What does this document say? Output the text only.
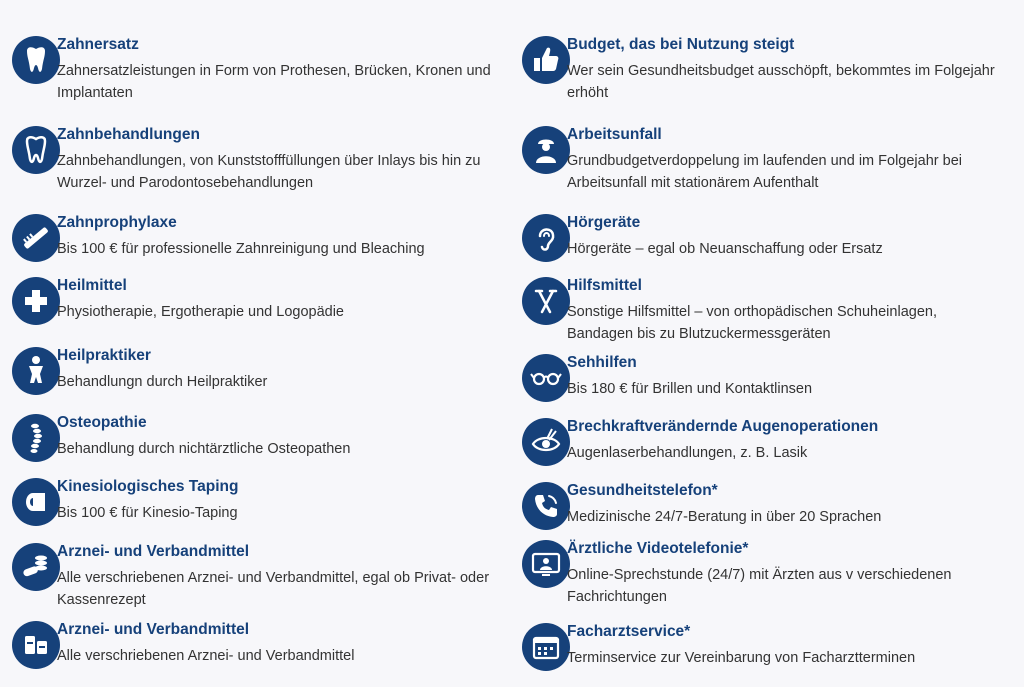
Zahnersatz
Zahnersatzleistungen in Form von Prothesen, Brücken, Kronen und Implantaten
Zahnbehandlungen
Zahnbehandlungen, von Kunststofffüllungen über Inlays bis hin zu Wurzel- und Parodontosebehandlungen
Zahnprophylaxe
Bis 100 € für professionelle Zahnreinigung und Bleaching
Heilmittel
Physiotherapie, Ergotherapie und Logopädie
Heilpraktiker
Behandlungn durch Heilpraktiker
Osteopathie
Behandlung durch nichtärztliche Osteopathen
Kinesiologisches Taping
Bis 100 € für Kinesio-Taping
Arznei- und Verbandmittel
Alle verschriebenen Arznei- und Verbandmittel, egal ob Privat- oder Kassenrezept
Arznei- und Verbandmittel
Alle verschriebenen Arznei- und Verbandmittel
Budget, das bei Nutzung steigt
Wer sein Gesundheitsbudget ausschöpft, bekommtes im Folgejahr erhöht
Arbeitsunfall
Grundbudgetverdoppelung im laufenden und im Folgejahr bei Arbeitsunfall mit stationärem Aufenthalt
Hörgeräte
Hörgeräte – egal ob Neuanschaffung oder Ersatz
Hilfsmittel
Sonstige Hilfsmittel – von orthopädischen Schuheinlagen, Bandagen bis zu Blutzuckermessgeräten
Sehhilfen
Bis 180 € für Brillen und Kontaktlinsen
Brechkraftverändernde Augenoperationen
Augenlaserbehandlungen, z. B. Lasik
Gesundheitstelefon*
Medizinische 24/7-Beratung in über 20 Sprachen
Ärztliche Videotelefonie*
Online-Sprechstunde (24/7) mit Ärzten aus v verschiedenen Fachrichtungen
Facharztservice*
Terminservice zur Vereinbarung von Facharztterminen
